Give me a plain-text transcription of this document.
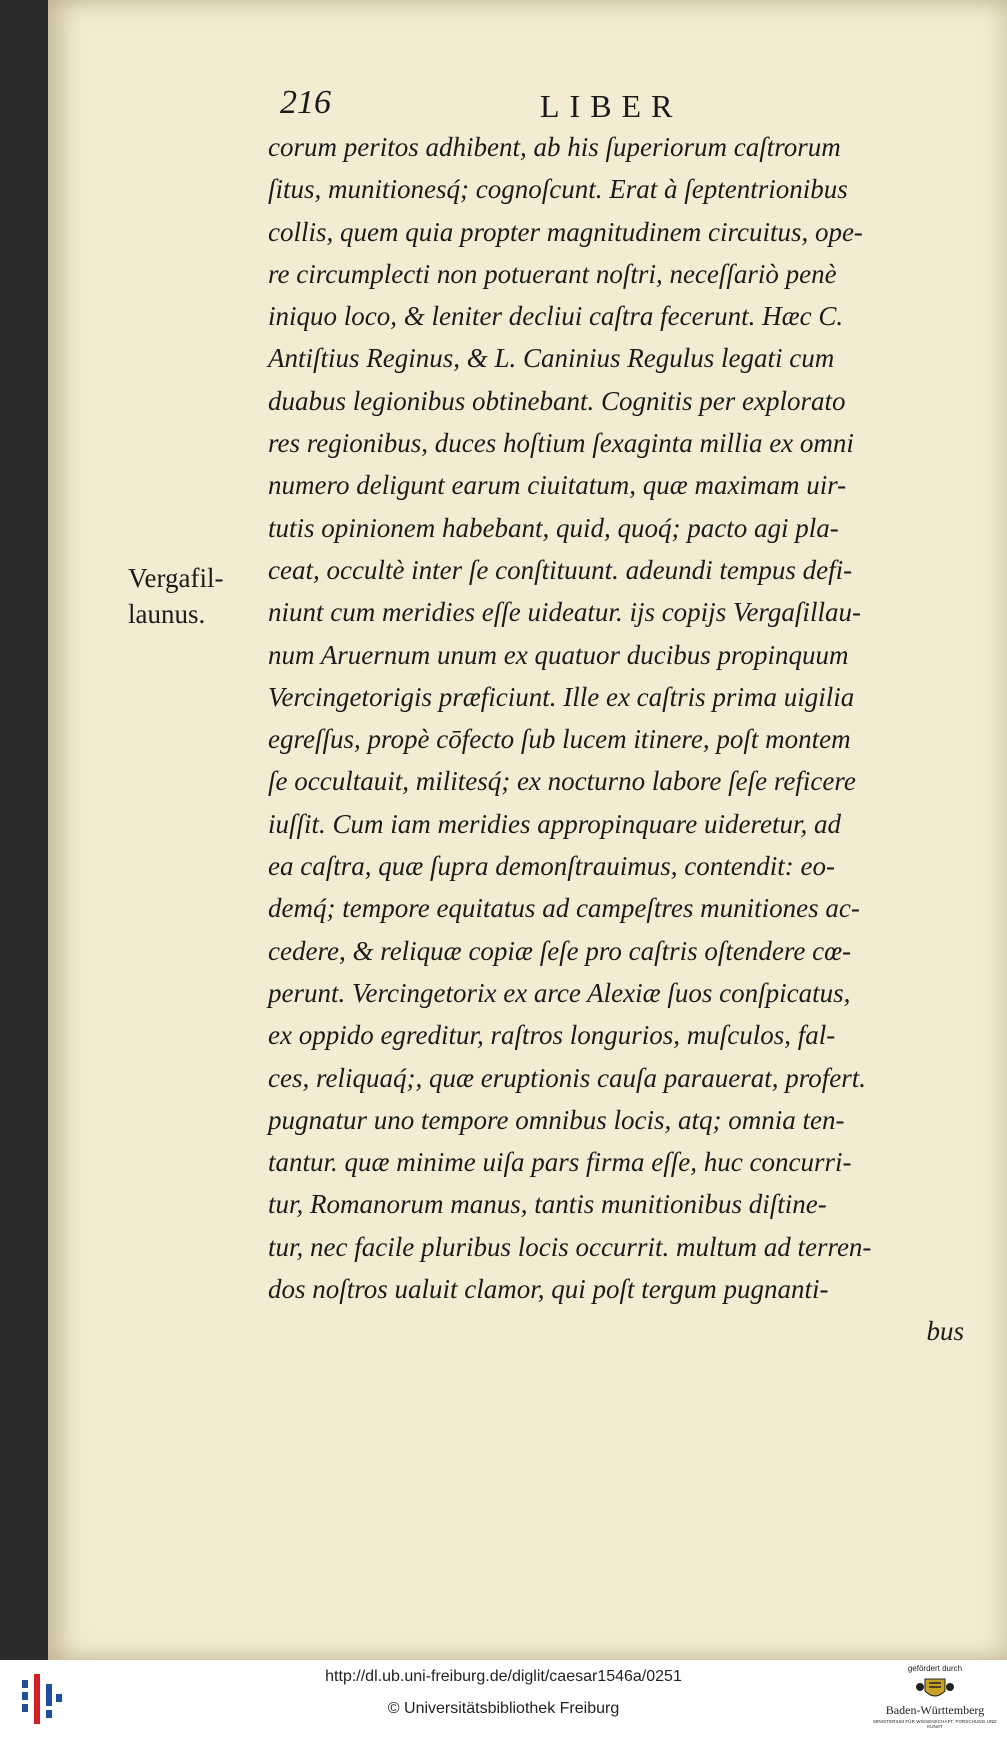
216	LIBER
Vergafil-
launus.
corum peritos adhibent, ab his ſuperiorum caſtrorum
ſitus, munitionesq́; cognoſcunt. Erat à ſeptentrionibus
collis, quem quia propter magnitudinem circuitus, ope-
re circumplecti non potuerant noſtri, neceſſariò penè
iniquo loco, & leniter decliui caſtra fecerunt. Hæc C.
Antiſtius Reginus, & L. Caninius Regulus legati cum
duabus legionibus obtinebant. Cognitis per explorato
res regionibus, duces hoſtium ſexaginta millia ex omni
numero deligunt earum ciuitatum, quæ maximam uir-
tutis opinionem habebant, quid, quoq́; pacto agi pla-
ceat, occultè inter ſe conſtituunt. adeundi tempus defi-
niunt cum meridies eſſe uideatur. ijs copijs Vergaſillau-
num Aruernum unum ex quatuor ducibus propinquum
Vercingetorigis præficiunt. Ille ex caſtris prima uigilia
egreſſus, propè cōfecto ſub lucem itinere, poſt montem
ſe occultauit, militesq́; ex nocturno labore ſeſe reficere
iuſſit. Cum iam meridies appropinquare uideretur, ad
ea caſtra, quæ ſupra demonſtrauimus, contendit: eo-
demq́; tempore equitatus ad campeſtres munitiones ac-
cedere, & reliquæ copiæ ſeſe pro caſtris oſtendere cœ-
perunt. Vercingetorix ex arce Alexiæ ſuos conſpicatus,
ex oppido egreditur, raſtros longurios, muſculos, fal-
ces, reliquaq́;, quæ eruptionis cauſa parauerat, profert.
pugnatur uno tempore omnibus locis, atq; omnia ten-
tantur. quæ minime uiſa pars firma eſſe, huc concurri-
tur, Romanorum manus, tantis munitionibus diſtine-
tur, nec facile pluribus locis occurrit. multum ad terren-
dos noſtros ualuit clamor, qui poſt tergum pugnanti-
bus
http://dl.ub.uni-freiburg.de/diglit/caesar1546a/0251
© Universitätsbibliothek Freiburg
gefördert durch
Baden-Württemberg
MINISTERIUM FÜR WISSENSCHAFT, FORSCHUNG UND KUNST
